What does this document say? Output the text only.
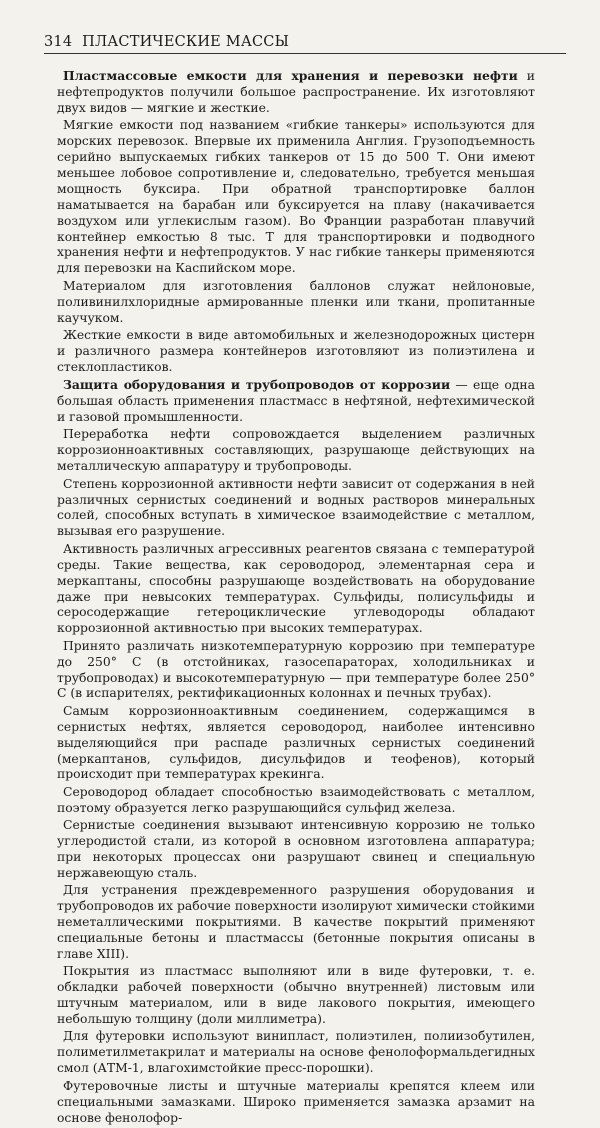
314 ПЛАСТИЧЕСКИЕ МАССЫ

Пластмассовые емкости для хранения и перевозки нефти и нефтепродуктов получили большое распространение. Их изготовляют двух видов — мягкие и жесткие.

Мягкие емкости под названием «гибкие танкеры» используются для морских перевозок. Впервые их применила Англия. Грузоподъемность серийно выпускаемых гибких танкеров от 15 до 500 Т. Они имеют меньшее лобовое сопротивление и, следовательно, требуется меньшая мощность буксира. При обратной транспортировке баллон наматывается на барабан или буксируется на плаву (накачивается воздухом или углекислым газом). Во Франции разработан плавучий контейнер емкостью 8 тыс. Т для транспортировки и подводного хранения нефти и нефтепродуктов. У нас гибкие танкеры применяются для перевозки на Каспийском море.

Материалом для изготовления баллонов служат нейлоновые, поливинилхлоридные армированные пленки или ткани, пропитанные каучуком.

Жесткие емкости в виде автомобильных и железнодорожных цистерн и различного размера контейнеров изготовляют из полиэтилена и стеклопластиков.

Защита оборудования и трубопроводов от коррозии — еще одна большая область применения пластмасс в нефтяной, нефтехимической и газовой промышленности.

Переработка нефти сопровождается выделением различных коррозионноактивных составляющих, разрушающе действующих на металлическую аппаратуру и трубопроводы.

Степень коррозионной активности нефти зависит от содержания в ней различных сернистых соединений и водных растворов минеральных солей, способных вступать в химическое взаимодействие с металлом, вызывая его разрушение.

Активность различных агрессивных реагентов связана с температурой среды. Такие вещества, как сероводород, элементарная сера и меркаптаны, способны разрушающе воздействовать на оборудование даже при невысоких температурах. Сульфиды, полисульфиды и серосодержащие гетероциклические углеводороды обладают коррозионной активностью при высоких температурах.

Принято различать низкотемпературную коррозию при температуре до 250° С (в отстойниках, газосепараторах, холодильниках и трубопроводах) и высокотемпературную — при температуре более 250° С (в испарителях, ректификационных колоннах и печных трубах).

Самым коррозионноактивным соединением, содержащимся в сернистых нефтях, является сероводород, наиболее интенсивно выделяющийся при распаде различных сернистых соединений (меркаптанов, сульфидов, дисульфидов и теофенов), который происходит при температурах крекинга.

Сероводород обладает способностью взаимодействовать с металлом, поэтому образуется легко разрушающийся сульфид железа.

Сернистые соединения вызывают интенсивную коррозию не только углеродистой стали, из которой в основном изготовлена аппаратура; при некоторых процессах они разрушают свинец и специальную нержавеющую сталь.

Для устранения преждевременного разрушения оборудования и трубопроводов их рабочие поверхности изолируют химически стойкими неметаллическими покрытиями. В качестве покрытий применяют специальные бетоны и пластмассы (бетонные покрытия описаны в главе XIII).

Покрытия из пластмасс выполняют или в виде футеровки, т. е. обкладки рабочей поверхности (обычно внутренней) листовым или штучным материалом, или в виде лакового покрытия, имеющего небольшую толщину (доли миллиметра).

Для футеровки используют винипласт, полиэтилен, полиизобутилен, полиметилметакрилат и материалы на основе фенолоформальдегидных смол (АТМ-1, влагохимстойкие пресс-порошки).

Футеровочные листы и штучные материалы крепятся клеем или специальными замазками. Широко применяется замазка арзамит на основе фенолофор-
